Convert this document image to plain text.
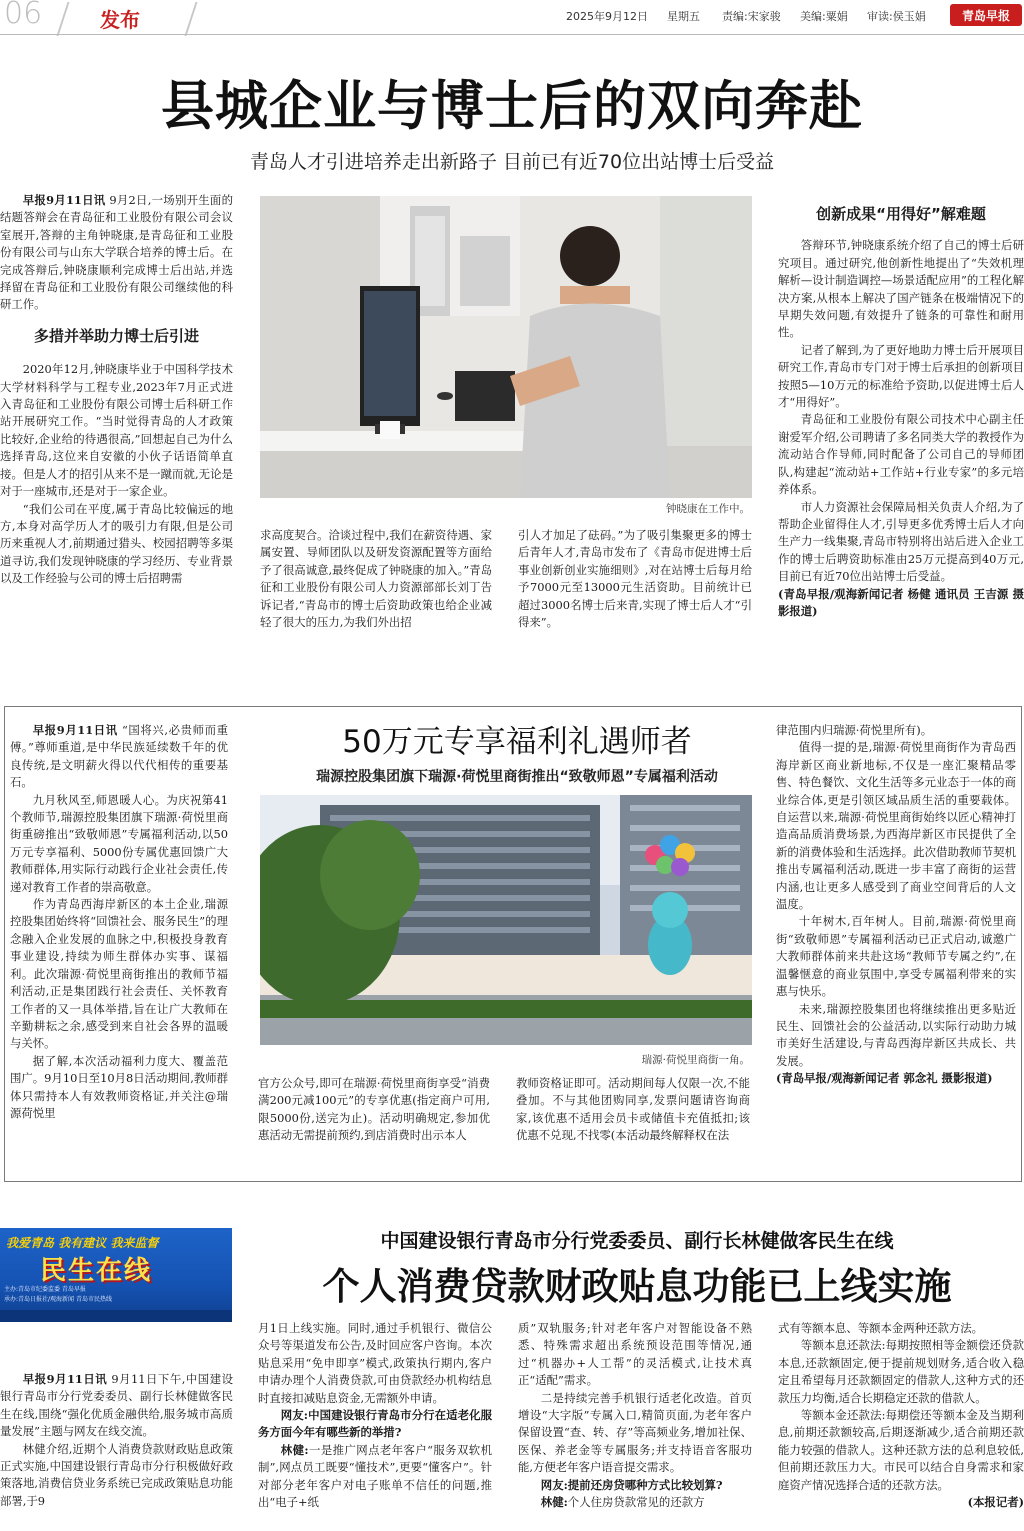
06	发布	2025年9月12日 星期五 责编:宋家骏 美编:粟娟 审读:侯玉娟	青岛早报
县城企业与博士后的双向奔赴
青岛人才引进培养走出新路子 目前已有近70位出站博士后受益

早报9月11日讯 9月2日,一场别开生面的结题答辩会在青岛征和工业股份有限公司会议室展开,答辩的主角钟晓康,是青岛征和工业股份有限公司与山东大学联合培养的博士后。在完成答辩后,钟晓康顺利完成博士后出站,并选择留在青岛征和工业股份有限公司继续他的科研工作。

多措并举助力博士后引进

2020年12月,钟晓康毕业于中国科学技术大学材料科学与工程专业,2023年7月正式进入青岛征和工业股份有限公司博士后科研工作站开展研究工作。“当时觉得青岛的人才政策比较好,企业给的待遇很高,”回想起自己为什么选择青岛,这位来自安徽的小伙子话语简单直接。但是人才的招引从来不是一蹴而就,无论是对于一座城市,还是对于一家企业。

“我们公司在平度,属于青岛比较偏远的地方,本身对高学历人才的吸引力有限,但是公司历来重视人才,前期通过猎头、校园招聘等多渠道寻访,我们发现钟晓康的学习经历、专业背景以及工作经验与公司的博士后招聘需

钟晓康在工作中。

求高度契合。洽谈过程中,我们在薪资待遇、家属安置、导师团队以及研发资源配置等方面给予了很高诚意,最终促成了钟晓康的加入。”青岛征和工业股份有限公司人力资源部部长刘丁告诉记者,“青岛市的博士后资助政策也给企业减轻了很大的压力,为我们外出招

引人才加足了砝码。”为了吸引集聚更多的博士后青年人才,青岛市发布了《青岛市促进博士后事业创新创业实施细则》,对在站博士后每月给予7000元至13000元生活资助。目前统计已超过3000名博士后来青,实现了博士后人才“引得来”。

创新成果“用得好”解难题

答辩环节,钟晓康系统介绍了自己的博士后研究项目。通过研究,他创新性地提出了“失效机理解析—设计制造调控—场景适配应用”的工程化解决方案,从根本上解决了国产链条在极端情况下的早期失效问题,有效提升了链条的可靠性和耐用性。

记者了解到,为了更好地助力博士后开展项目研究工作,青岛市专门对于博士后承担的创新项目按照5—10万元的标准给予资助,以促进博士后人才“用得好”。

青岛征和工业股份有限公司技术中心副主任谢爱军介绍,公司聘请了多名同类大学的教授作为流动站合作导师,同时配备了公司自己的导师团队,构建起“流动站+工作站+行业专家”的多元培养体系。

市人力资源社会保障局相关负责人介绍,为了帮助企业留得住人才,引导更多优秀博士后人才向生产力一线集聚,青岛市特别将出站后进入企业工作的博士后聘资助标准由25万元提高到40万元,目前已有近70位出站博士后受益。

(青岛早报/观海新闻记者 杨健 通讯员 王吉源 摄影报道)

50万元专享福利礼遇师者
瑞源控股集团旗下瑞源·荷悦里商街推出“致敬师恩”专属福利活动

早报9月11日讯 “国将兴,必贵师而重傅。”尊师重道,是中华民族延续数千年的优良传统,是文明薪火得以代代相传的重要基石。

九月秋风至,师恩暖人心。为庆祝第41个教师节,瑞源控股集团旗下瑞源·荷悦里商街重磅推出“致敬师恩”专属福利活动,以50万元专享福利、5000份专属优惠回馈广大教师群体,用实际行动践行企业社会责任,传递对教育工作者的崇高敬意。

作为青岛西海岸新区的本土企业,瑞源控股集团始终将“回馈社会、服务民生”的理念融入企业发展的血脉之中,积极投身教育事业建设,持续为师生群体办实事、谋福利。此次瑞源·荷悦里商街推出的教师节福利活动,正是集团践行社会责任、关怀教育工作者的又一具体举措,旨在让广大教师在辛勤耕耘之余,感受到来自社会各界的温暖与关怀。

据了解,本次活动福利力度大、覆盖范围广。9月10日至10月8日活动期间,教师群体只需持本人有效教师资格证,并关注@瑞源荷悦里

瑞源·荷悦里商街一角。

官方公众号,即可在瑞源·荷悦里商街享受“消费满200元减100元”的专享优惠(指定商户可用,限5000份,送完为止)。活动明确规定,参加优惠活动无需提前预约,到店消费时出示本人

教师资格证即可。活动期间每人仅限一次,不能叠加。不与其他团购同享,发票问题请咨询商家,该优惠不适用会员卡或储值卡充值抵扣;该优惠不兑现,不找零(本活动最终解释权在法

律范围内归瑞源·荷悦里所有)。

值得一提的是,瑞源·荷悦里商街作为青岛西海岸新区商业新地标,不仅是一座汇聚精品零售、特色餐饮、文化生活等多元业态于一体的商业综合体,更是引领区域品质生活的重要载体。自运营以来,瑞源·荷悦里商街始终以匠心精神打造高品质消费场景,为西海岸新区市民提供了全新的消费体验和生活选择。此次借助教师节契机推出专属福利活动,既进一步丰富了商街的运营内涵,也让更多人感受到了商业空间背后的人文温度。

十年树木,百年树人。目前,瑞源·荷悦里商街“致敬师恩”专属福利活动已正式启动,诚邀广大教师群体前来共赴这场“教师节专属之约”,在温馨惬意的商业氛围中,享受专属福利带来的实惠与快乐。

未来,瑞源控股集团也将继续推出更多贴近民生、回馈社会的公益活动,以实际行动助力城市美好生活建设,与青岛西海岸新区共成长、共发展。

(青岛早报/观海新闻记者 郭念礼 摄影报道)

我爱青岛 我有建议 我来监督
民生在线
主办:青岛市纪委监委 青岛早报
承办:青岛日报社/观海新闻 青岛市民热线
中国建设银行青岛市分行党委委员、副行长林健做客民生在线
个人消费贷款财政贴息功能已上线实施

早报9月11日讯 9月11日下午,中国建设银行青岛市分行党委委员、副行长林健做客民生在线,围绕“强化优质金融供给,服务城市高质量发展”主题与网友在线交流。

林健介绍,近期个人消费贷款财政贴息政策正式实施,中国建设银行青岛市分行积极做好政策落地,消费信贷业务系统已完成政策贴息功能部署,于9

月1日上线实施。同时,通过手机银行、微信公众号等渠道发布公告,及时回应客户咨询。本次贴息采用“免申即享”模式,政策执行期内,客户申请办理个人消费贷款,可由贷款经办机构结息时直接扣减贴息资金,无需额外申请。

网友:中国建设银行青岛市分行在适老化服务方面今年有哪些新的举措?

林健:一是推广网点老年客户“服务双软机制”,网点员工既要“懂技术”,更要“懂客户”。针对部分老年客户对电子账单不信任的问题,推出“电子+纸

质”双轨服务;针对老年客户对智能设备不熟悉、特殊需求超出系统预设范围等情况,通过“机器办+人工帮”的灵活模式,让技术真正“适配”需求。

二是持续完善手机银行适老化改造。首页增设“大字版”专属入口,精简页面,为老年客户保留设置“查、转、存”等高频业务,增加社保、医保、养老金等专属服务;并支持语音客服功能,方便老年客户语音提交需求。

网友:提前还房贷哪种方式比较划算?

林健:个人住房贷款常见的还款方

式有等额本息、等额本金两种还款方法。

等额本息还款法:每期按照相等金额偿还贷款本息,还款额固定,便于提前规划财务,适合收入稳定且希望每月还款额固定的借款人,这种方式的还款压力均衡,适合长期稳定还款的借款人。

等额本金还款法:每期偿还等额本金及当期利息,前期还款额较高,后期逐渐减少,适合前期还款能力较强的借款人。这种还款方法的总利息较低,但前期还款压力大。市民可以结合自身需求和家庭资产情况选择合适的还款方法。

(本报记者)
